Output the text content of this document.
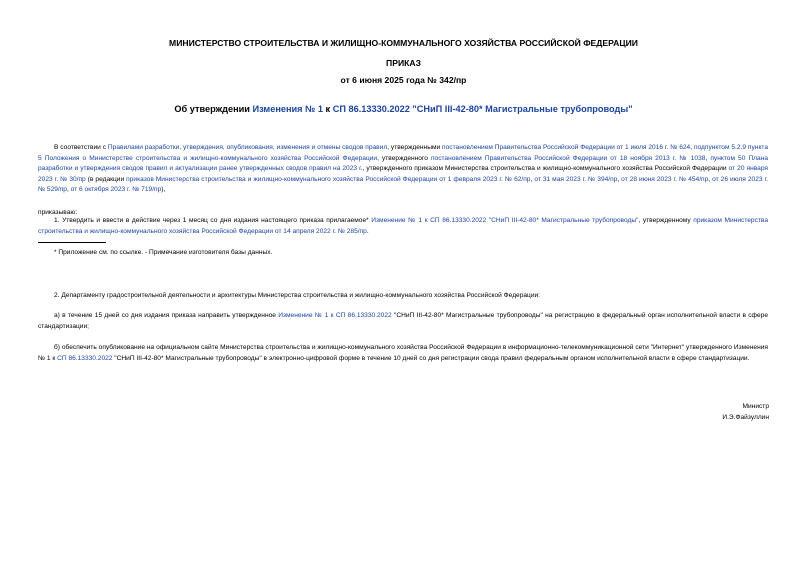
МИНИСТЕРСТВО СТРОИТЕЛЬСТВА И ЖИЛИЩНО-КОММУНАЛЬНОГО ХОЗЯЙСТВА РОССИЙСКОЙ ФЕДЕРАЦИИ
ПРИКАЗ
от 6 июня 2025 года № 342/пр
Об утверждении Изменения № 1 к СП 86.13330.2022 "СНиП III-42-80* Магистральные трубопроводы"
В соответствии с Правилами разработки, утверждения, опубликования, изменения и отмены сводов правил, утвержденными постановлением Правительства Российской Федерации от 1 июля 2016 г. № 624, подпунктом 5.2.9 пункта 5 Положения о Министерстве строительства и жилищно-коммунального хозяйства Российской Федерации, утвержденного постановлением Правительства Российской Федерации от 18 ноября 2013 г. № 1038, пунктом 50 Плана разработки и утверждения сводов правил и актуализации ранее утвержденных сводов правил на 2023 г., утвержденного приказом Министерства строительства и жилищно-коммунального хозяйства Российской Федерации от 20 января 2023 г. № 30/пр (в редакции приказов Министерства строительства и жилищно-коммунального хозяйства Российской Федерации от 1 февраля 2023 г. № 62/пр, от 31 мая 2023 г. № 394/пр, от 28 июня 2023 г. № 454/пр, от 26 июля 2023 г. № 529/пр, от 6 октября 2023 г. № 719/пр),
приказываю:
1. Утвердить и ввести в действие через 1 месяц со дня издания настоящего приказа прилагаемое* Изменение № 1 к СП 86.13330.2022 "СНиП III-42-80* Магистральные трубопроводы", утвержденному приказом Министерства строительства и жилищно-коммунального хозяйства Российской Федерации от 14 апреля 2022 г. № 285/пр.
* Приложение см. по ссылке. - Примечание изготовителя базы данных.
2. Департаменту градостроительной деятельности и архитектуры Министерства строительства и жилищно-коммунального хозяйства Российской Федерации:
а) в течение 15 дней со дня издания приказа направить утвержденное Изменение № 1 к СП 86.13330.2022 "СНиП III-42-80* Магистральные трубопроводы" на регистрацию в федеральный орган исполнительной власти в сфере стандартизации;
б) обеспечить опубликование на официальном сайте Министерства строительства и жилищно-коммунального хозяйства Российской Федерации в информационно-телекоммуникационной сети "Интернет" утвержденного Изменения № 1 к СП 86.13330.2022 "СНиП III-42-80* Магистральные трубопроводы" в электронно-цифровой форме в течение 10 дней со дня регистрации свода правил федеральным органом исполнительной власти в сфере стандартизации.
Министр
И.Э.Файзуллин
